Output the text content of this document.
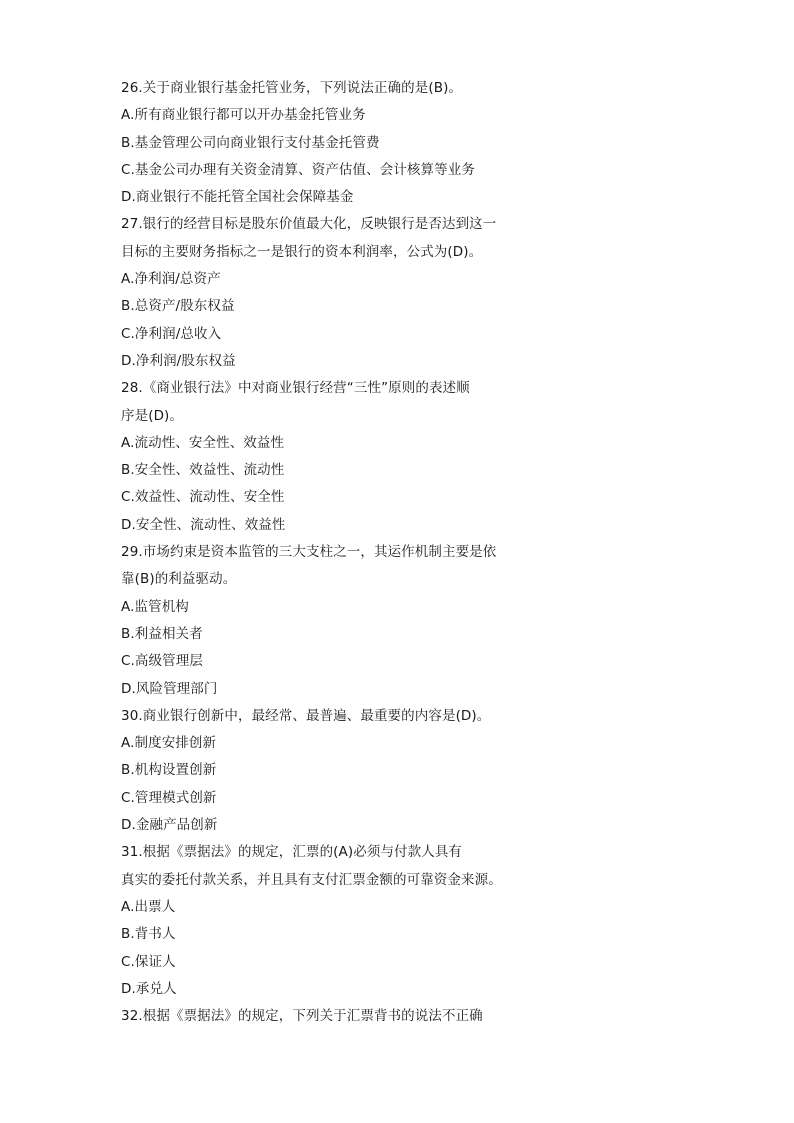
26.关于商业银行基金托管业务，下列说法正确的是(B)。
A.所有商业银行都可以开办基金托管业务
B.基金管理公司向商业银行支付基金托管费
C.基金公司办理有关资金清算、资产估值、会计核算等业务
D.商业银行不能托管全国社会保障基金
27.银行的经营目标是股东价值最大化，反映银行是否达到这一
目标的主要财务指标之一是银行的资本利润率，公式为(D)。
A.净利润/总资产
B.总资产/股东权益
C.净利润/总收入
D.净利润/股东权益
28.《商业银行法》中对商业银行经营“三性”原则的表述顺
序是(D)。
A.流动性、安全性、效益性
B.安全性、效益性、流动性
C.效益性、流动性、安全性
D.安全性、流动性、效益性
29.市场约束是资本监管的三大支柱之一，其运作机制主要是依
靠(B)的利益驱动。
A.监管机构
B.利益相关者
C.高级管理层
D.风险管理部门
30.商业银行创新中，最经常、最普遍、最重要的内容是(D)。
A.制度安排创新
B.机构设置创新
C.管理模式创新
D.金融产品创新
31.根据《票据法》的规定，汇票的(A)必须与付款人具有
真实的委托付款关系，并且具有支付汇票金额的可靠资金来源。
A.出票人
B.背书人
C.保证人
D.承兑人
32.根据《票据法》的规定，下列关于汇票背书的说法不正确
